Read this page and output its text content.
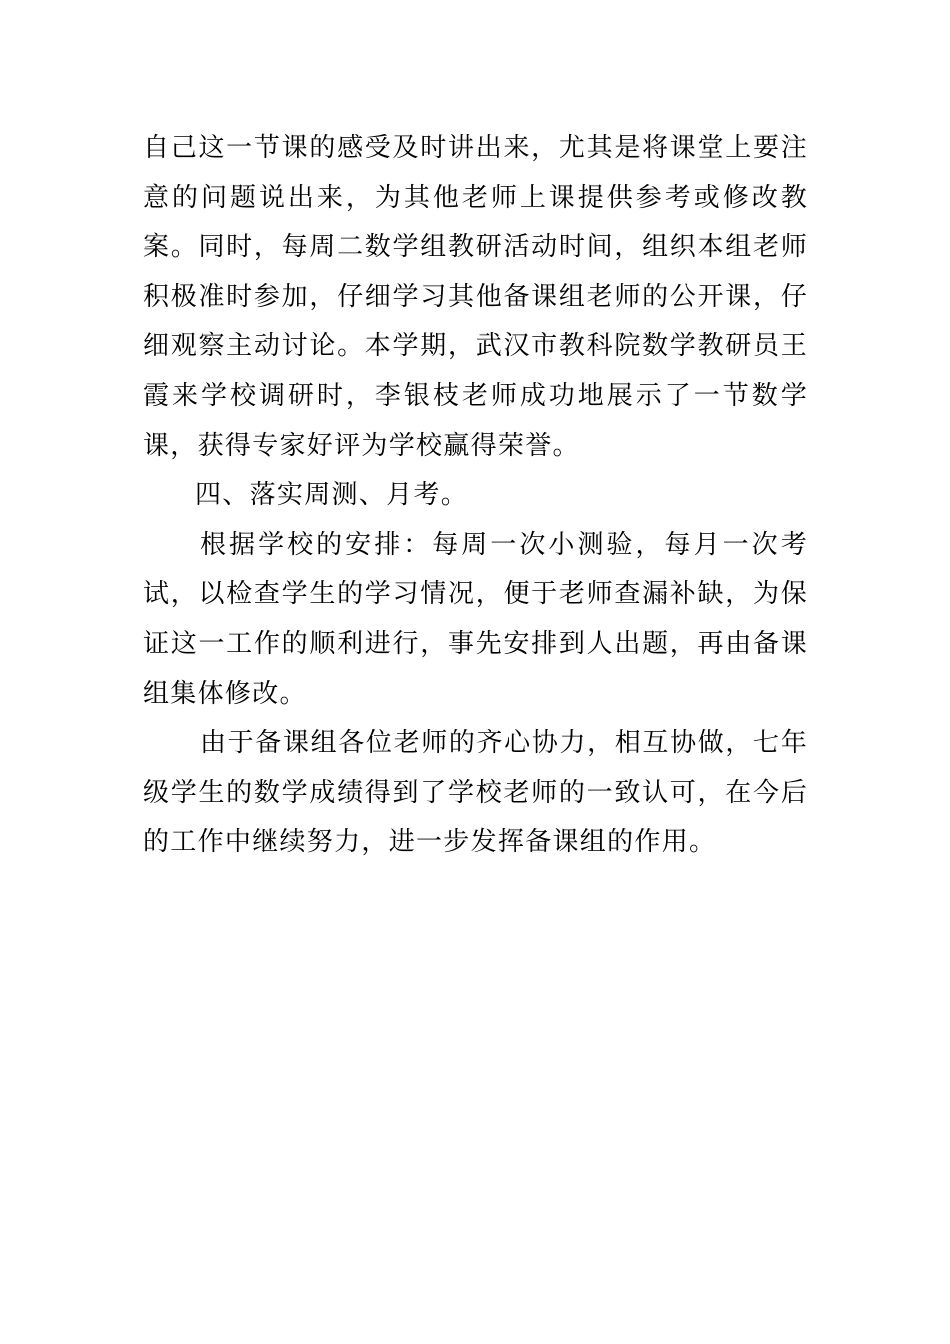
自己这一节课的感受及时讲出来，尤其是将课堂上要注意的问题说出来，为其他老师上课提供参考或修改教案。同时，每周二数学组教研活动时间，组织本组老师积极准时参加，仔细学习其他备课组老师的公开课，仔细观察主动讨论。本学期，武汉市教科院数学教研员王霞来学校调研时，李银枝老师成功地展示了一节数学课，获得专家好评为学校赢得荣誉。

四、落实周测、月考。

根据学校的安排：每周一次小测验，每月一次考试，以检查学生的学习情况，便于老师查漏补缺，为保证这一工作的顺利进行，事先安排到人出题，再由备课组集体修改。

由于备课组各位老师的齐心协力，相互协做，七年级学生的数学成绩得到了学校老师的一致认可，在今后的工作中继续努力，进一步发挥备课组的作用。
